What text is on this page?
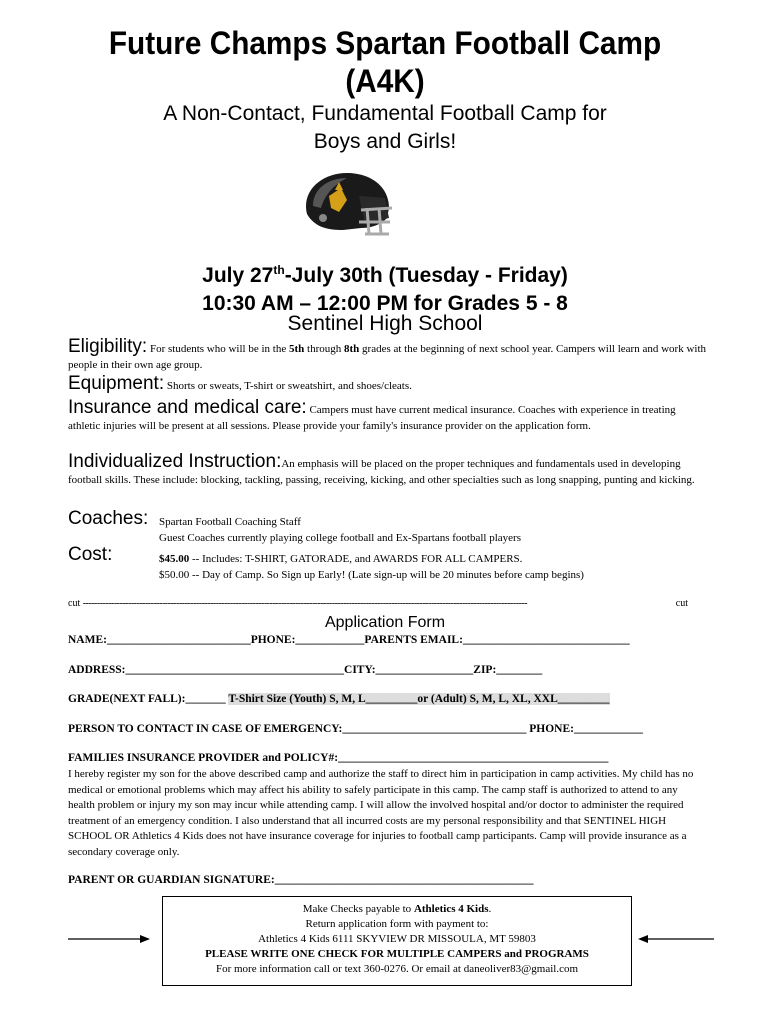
Future Champs Spartan Football Camp
(A4K)
A Non-Contact, Fundamental Football Camp for
Boys and Girls!
July 27th-July 30th (Tuesday - Friday)
10:30 AM – 12:00 PM for Grades 5 - 8
Sentinel High School
Eligibility: For students who will be in the 5th through 8th grades at the beginning of next school year. Campers will learn and work with people in their own age group.
Equipment: Shorts or sweats, T-shirt or sweatshirt, and shoes/cleats.
Insurance and medical care: Campers must have current medical insurance. Coaches with experience in treating athletic injuries will be present at all sessions. Please provide your family's insurance provider on the application form.
Individualized Instruction:An emphasis will be placed on the proper techniques and fundamentals used in developing football skills. These include: blocking, tackling, passing, receiving, kicking, and other specialties such as long snapping, punting and kicking.
Coaches: Spartan Football Coaching Staff
Guest Coaches currently playing college football and Ex-Spartans football players
Cost:	$45.00 -- Includes: T-SHIRT, GATORADE, and AWARDS FOR ALL CAMPERS.
$50.00 -- Day of Camp. So Sign up Early! (Late sign-up will be 20 minutes before camp begins)
cut -------------------------------------------------------------------------------------------------------------------------------------------------------------	cut
Application Form
NAME:_________________________PHONE:____________PARENTS EMAIL:_____________________________
ADDRESS:______________________________________CITY:_________________ZIP:________
GRADE(NEXT FALL):_______ T-Shirt Size (Youth) S, M, L_________or (Adult) S, M, L, XL, XXL_________
PERSON TO CONTACT IN CASE OF EMERGENCY:________________________________ PHONE:____________
FAMILIES INSURANCE PROVIDER and POLICY#:_______________________________________________
I hereby register my son for the above described camp and authorize the staff to direct him in participation in camp activities. My child has no medical or emotional problems which may affect his ability to safely participate in this camp. The camp staff is authorized to attend to any health problem or injury my son may incur while attending camp. I will allow the involved hospital and/or doctor to administer the required treatment of an emergency condition. I also understand that all incurred costs are my personal responsibility and that SENTINEL HIGH SCHOOL OR Athletics 4 Kids does not have insurance coverage for injuries to football camp participants. Camp will provide insurance as a secondary coverage only.
PARENT OR GUARDIAN SIGNATURE:_____________________________________________
Make Checks payable to Athletics 4 Kids.
Return application form with payment to:
Athletics 4 Kids 6111 SKYVIEW DR MISSOULA, MT 59803
PLEASE WRITE ONE CHECK FOR MULTIPLE CAMPERS and PROGRAMS
For more information call or text 360-0276. Or email at daneoliver83@gmail.com
